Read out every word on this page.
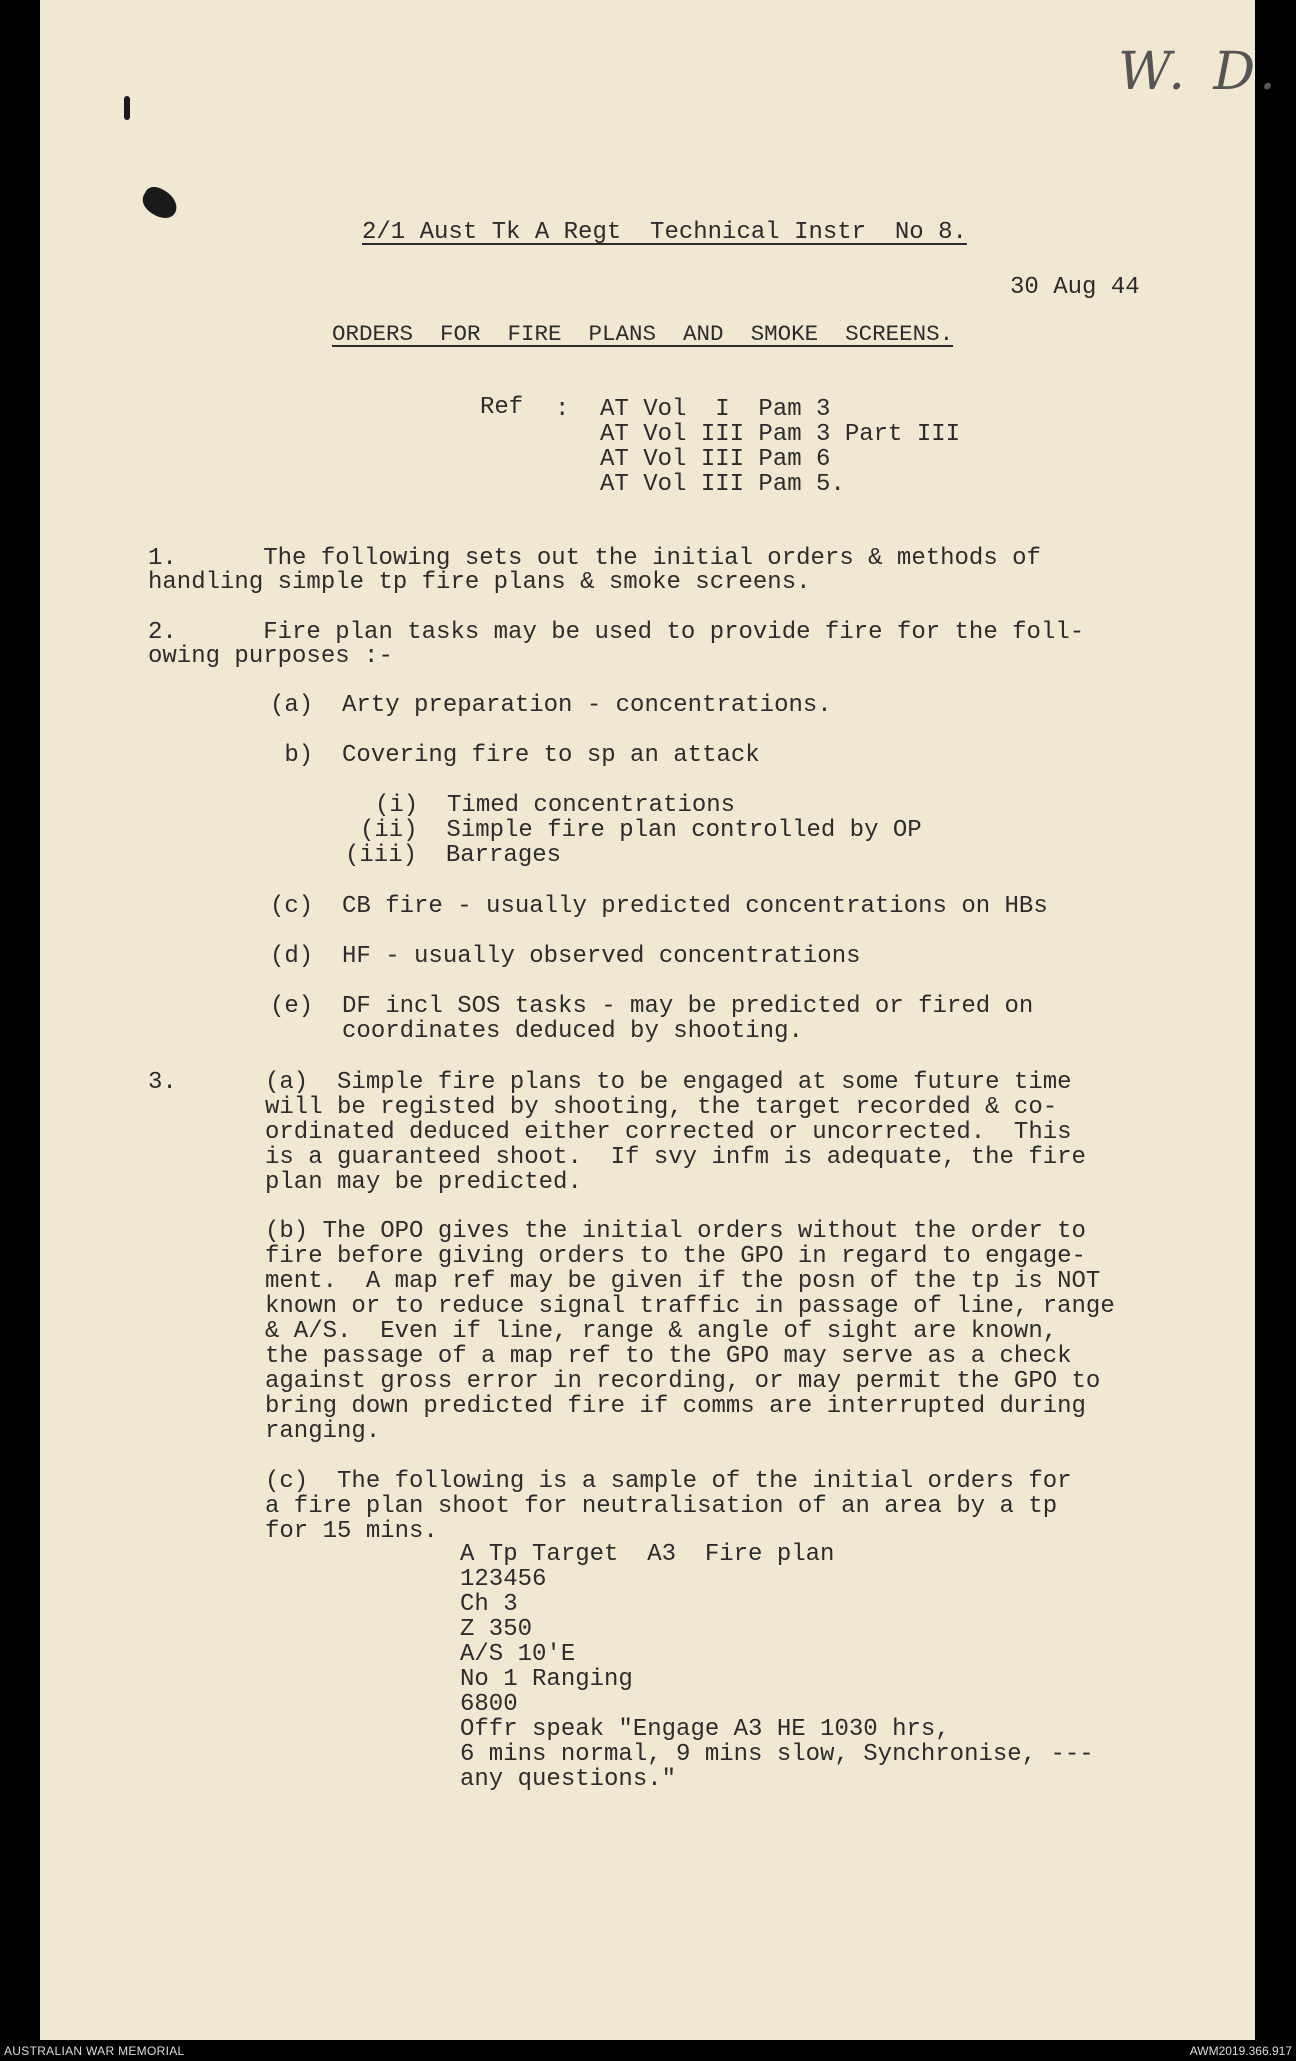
W. D.
2/1 Aust Tk A Regt  Technical Instr  No 8.
30 Aug 44
ORDERS  FOR  FIRE  PLANS  AND  SMOKE  SCREENS.
Ref : AT Vol  I  Pam 3
AT Vol III Pam 3 Part III
AT Vol III Pam 6
AT Vol III Pam 5.
1.      The following sets out the initial orders & methods of
handling simple tp fire plans & smoke screens.
2.      Fire plan tasks may be used to provide fire for the foll-
owing purposes :-
(a)  Arty preparation - concentrations.
b)  Covering fire to sp an attack
(i)  Timed concentrations
(ii)  Simple fire plan controlled by OP
(iii)  Barrages
(c)  CB fire - usually predicted concentrations on HBs
(d)  HF - usually observed concentrations
(e)  DF incl SOS tasks - may be predicted or fired on
coordinates deduced by shooting.
3.	(a)  Simple fire plans to be engaged at some future time
will be registed by shooting, the target recorded & co-
ordinated deduced either corrected or uncorrected.  This
is a guaranteed shoot.  If svy infm is adequate, the fire
plan may be predicted.
(b) The OPO gives the initial orders without the order to
fire before giving orders to the GPO in regard to engage-
ment.  A map ref may be given if the posn of the tp is NOT
known or to reduce signal traffic in passage of line, range
& A/S.  Even if line, range & angle of sight are known,
the passage of a map ref to the GPO may serve as a check
against gross error in recording, or may permit the GPO to
bring down predicted fire if comms are interrupted during
ranging.
(c)  The following is a sample of the initial orders for
a fire plan shoot for neutralisation of an area by a tp
for 15 mins.
A Tp Target  A3  Fire plan
123456
Ch 3
Z 350
A/S 10'E
No 1 Ranging
6800
Offr speak "Engage A3 HE 1030 hrs,
6 mins normal, 9 mins slow, Synchronise, ---
any questions."
AUSTRALIAN WAR MEMORIAL	AWM2019.366.917
